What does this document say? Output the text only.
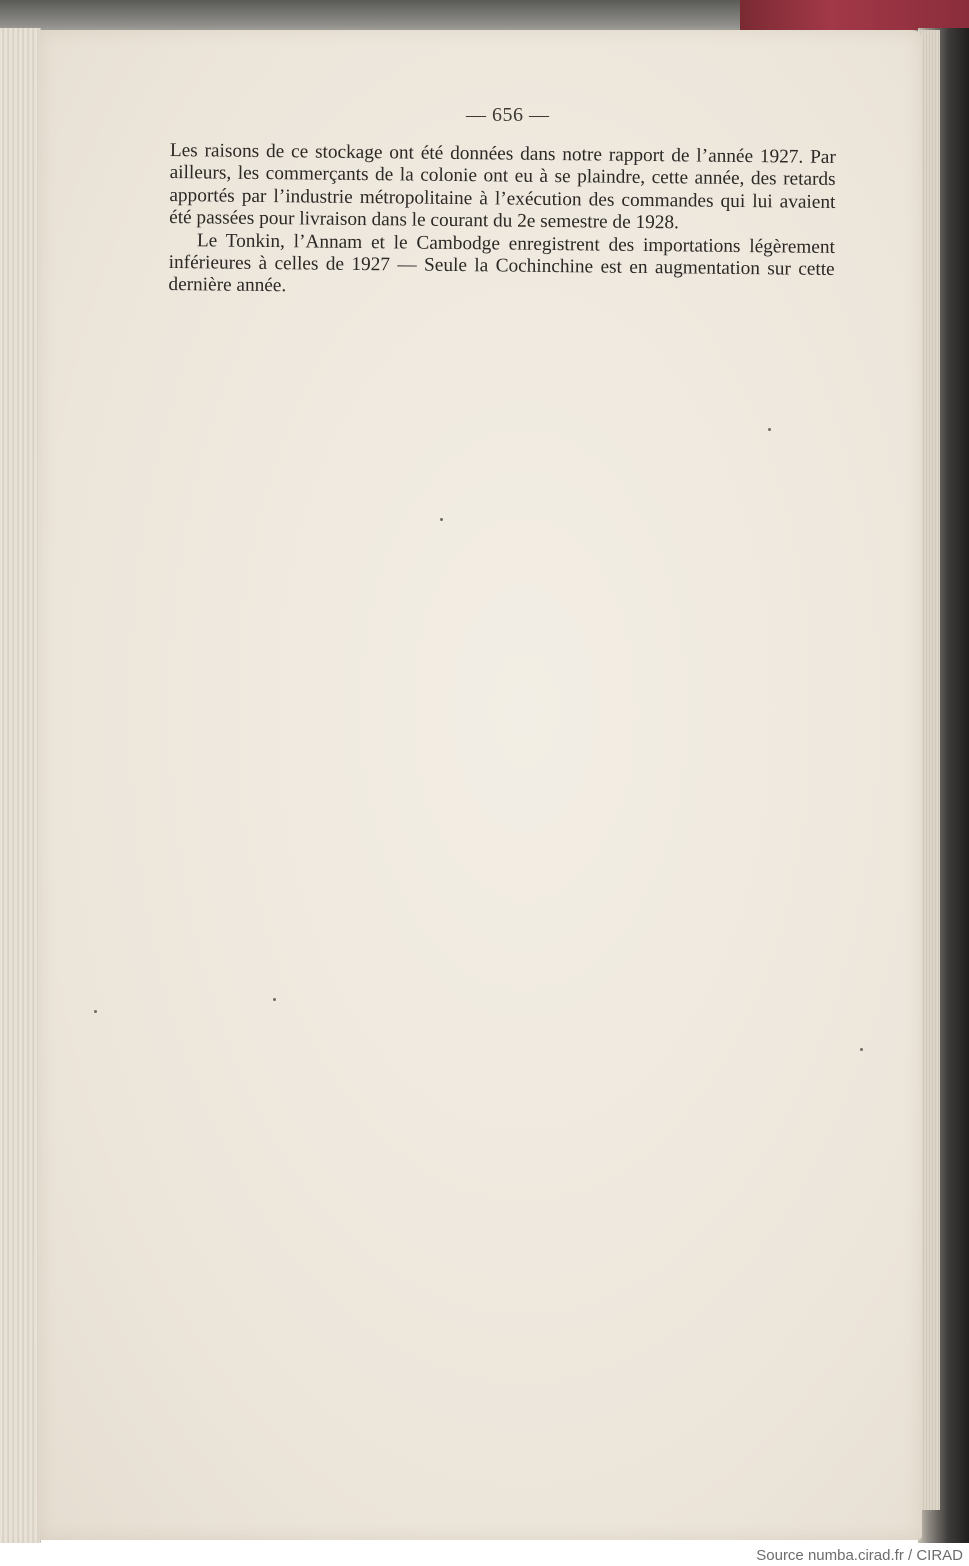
— 656 —

Les raisons de ce stockage ont été données dans notre rapport de l’année 1927. Par ailleurs, les commerçants de la colonie ont eu à se plaindre, cette année, des retards apportés par l’industrie métropolitaine à l’exécution des commandes qui lui avaient été passées pour livraison dans le courant du 2e semestre de 1928.

Le Tonkin, l’Annam et le Cambodge enregistrent des importations légèrement inférieures à celles de 1927 — Seule la Cochinchine est en augmentation sur cette dernière année.

Source numba.cirad.fr / CIRAD
